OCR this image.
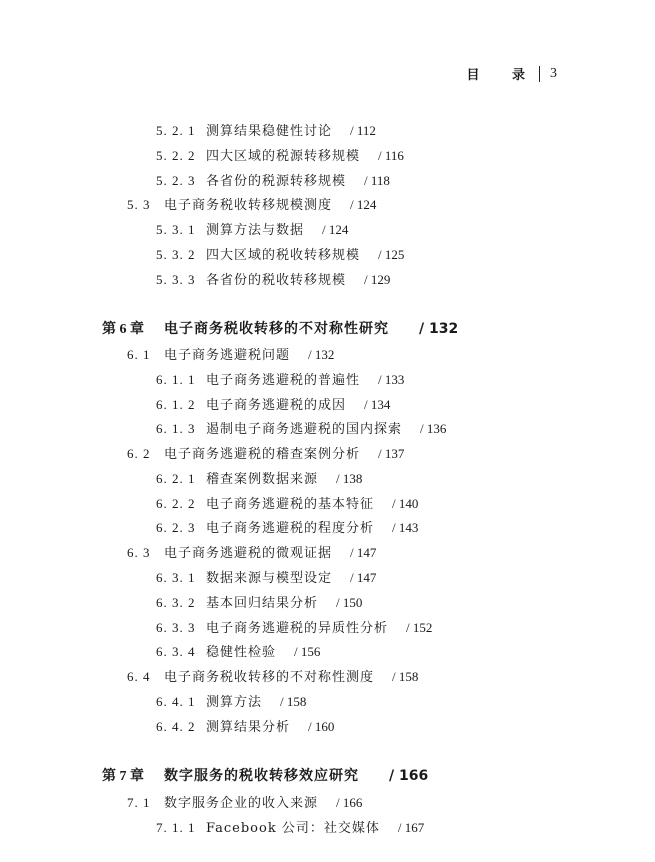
目 录 3
5. 2. 1 测算结果稳健性讨论 / 112
5. 2. 2 四大区域的税源转移规模 / 116
5. 2. 3 各省份的税源转移规模 / 118
5. 3 电子商务税收转移规模测度 / 124
5. 3. 1 测算方法与数据 / 124
5. 3. 2 四大区域的税收转移规模 / 125
5. 3. 3 各省份的税收转移规模 / 129
第 6 章 电子商务税收转移的不对称性研究 / 132
6. 1 电子商务逃避税问题 / 132
6. 1. 1 电子商务逃避税的普遍性 / 133
6. 1. 2 电子商务逃避税的成因 / 134
6. 1. 3 遏制电子商务逃避税的国内探索 / 136
6. 2 电子商务逃避税的稽查案例分析 / 137
6. 2. 1 稽查案例数据来源 / 138
6. 2. 2 电子商务逃避税的基本特征 / 140
6. 2. 3 电子商务逃避税的程度分析 / 143
6. 3 电子商务逃避税的微观证据 / 147
6. 3. 1 数据来源与模型设定 / 147
6. 3. 2 基本回归结果分析 / 150
6. 3. 3 电子商务逃避税的异质性分析 / 152
6. 3. 4 稳健性检验 / 156
6. 4 电子商务税收转移的不对称性测度 / 158
6. 4. 1 测算方法 / 158
6. 4. 2 测算结果分析 / 160
第 7 章 数字服务的税收转移效应研究 / 166
7. 1 数字服务企业的收入来源 / 166
7. 1. 1 Facebook 公司：社交媒体 / 167
